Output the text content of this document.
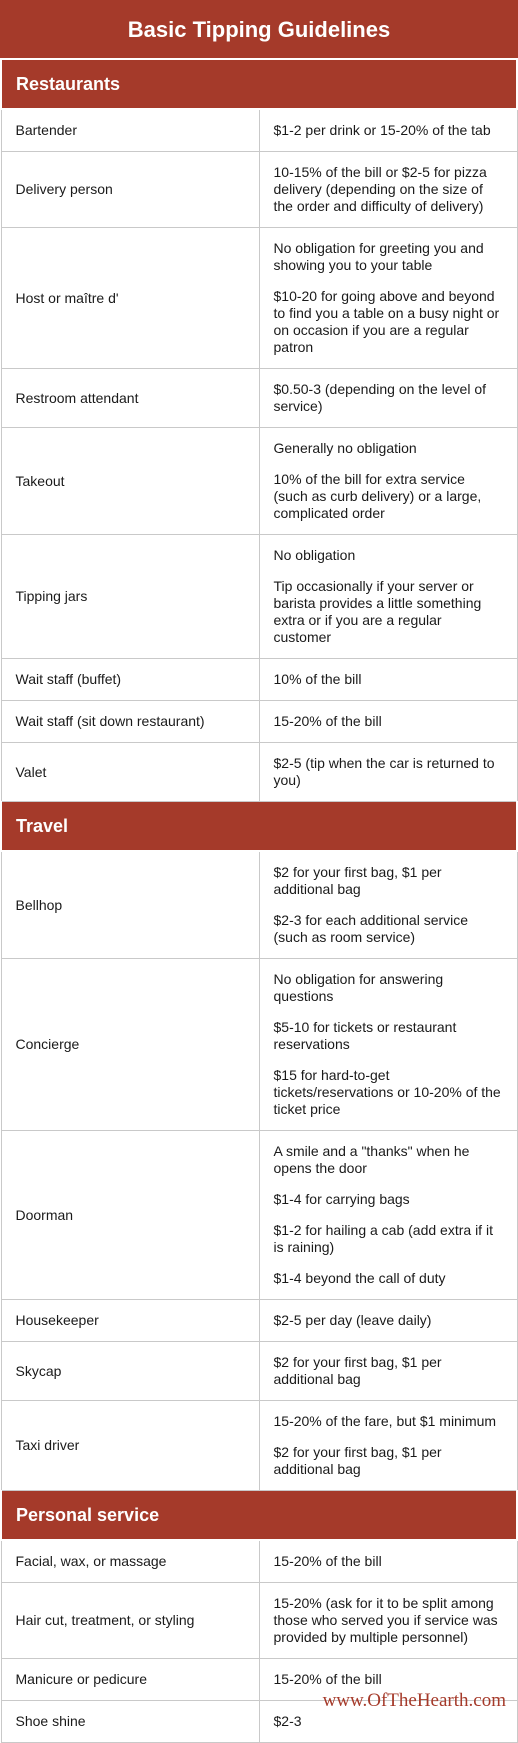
Basic Tipping Guidelines
Restaurants	
Bartender	$1-2 per drink or 15-20% of the tab

Delivery person	10-15% of the bill or $2-5 for pizza delivery (depending on the size of the order and difficulty of delivery)

Host or maître d'	No obligation for greeting you and showing you to your table

$10-20 for going above and beyond to find you a table on a busy night or on occasion if you are a regular patron

Restroom attendant	$0.50-3 (depending on the level of service)

Takeout	Generally no obligation

10% of the bill for extra service (such as curb delivery) or a large, complicated order

Tipping jars	No obligation

Tip occasionally if your server or barista provides a little something extra or if you are a regular customer

Wait staff (buffet)	10% of the bill

Wait staff (sit down restaurant)	15-20% of the bill

Valet	$2-5 (tip when the car is returned to you)

Travel	
Bellhop	$2 for your first bag, $1 per additional bag

$2-3 for each additional service (such as room service)

Concierge	No obligation for answering questions

$5-10 for tickets or restaurant reservations

$15 for hard-to-get tickets/reservations or 10-20% of the ticket price

Doorman	A smile and a "thanks" when he opens the door

$1-4 for carrying bags

$1-2 for hailing a cab (add extra if it is raining)

$1-4 beyond the call of duty

Housekeeper	$2-5 per day (leave daily)

Skycap	$2 for your first bag, $1 per additional bag

Taxi driver	15-20% of the fare, but $1 minimum

$2 for your first bag, $1 per additional bag

Personal service	
Facial, wax, or massage	15-20% of the bill

Hair cut, treatment, or styling	15-20% (ask for it to be split among those who served you if service was provided by multiple personnel)

Manicure or pedicure	15-20% of the bill

Shoe shine	$2-3

www.OfTheHearth.com
